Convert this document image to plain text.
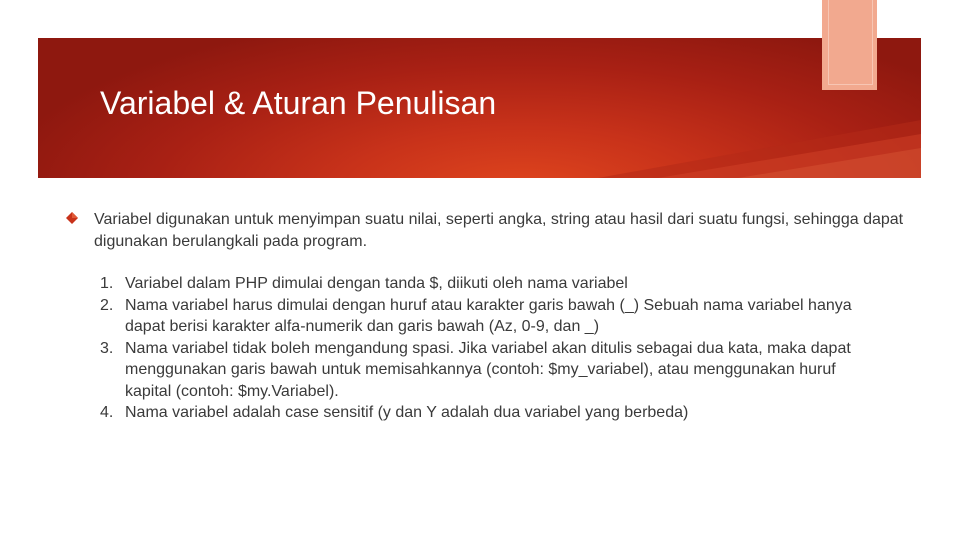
Variabel & Aturan Penulisan
Variabel digunakan untuk menyimpan suatu nilai, seperti angka, string atau hasil dari suatu fungsi, sehingga dapat digunakan berulangkali pada program.
1. Variabel dalam PHP dimulai dengan tanda $, diikuti oleh nama variabel
2. Nama variabel harus dimulai dengan huruf atau karakter garis bawah (_) Sebuah nama variabel hanya dapat berisi karakter alfa-numerik dan garis bawah (Az, 0-9, dan _)
3. Nama variabel tidak boleh mengandung spasi. Jika variabel akan ditulis sebagai dua kata, maka dapat menggunakan garis bawah untuk memisahkannya (contoh: $my_variabel), atau menggunakan huruf kapital (contoh: $my.Variabel).
4. Nama variabel adalah case sensitif (y dan Y adalah dua variabel yang berbeda)
